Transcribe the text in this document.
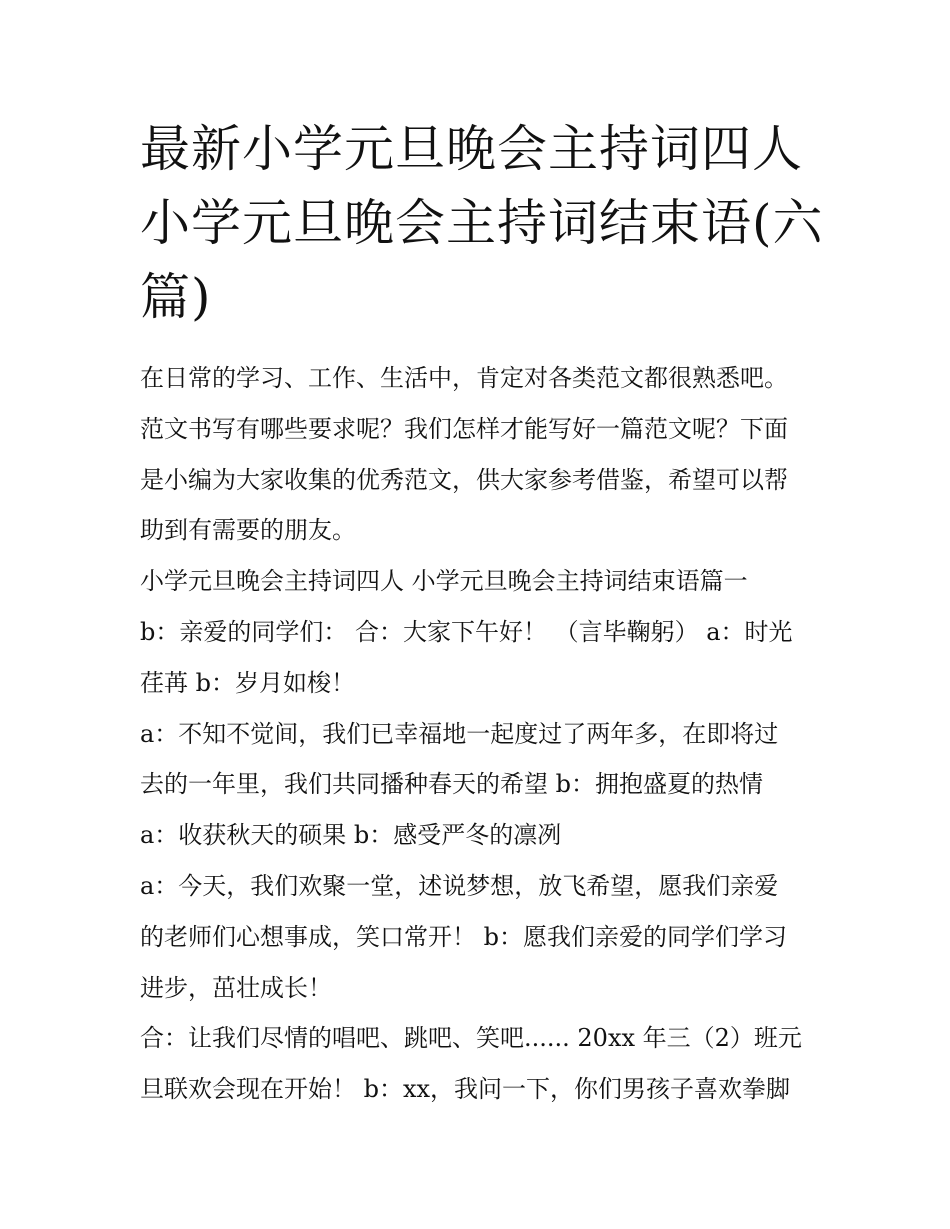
最新小学元旦晚会主持词四人
小学元旦晚会主持词结束语(六
篇)
在日常的学习、工作、生活中，肯定对各类范文都很熟悉吧。
范文书写有哪些要求呢？我们怎样才能写好一篇范文呢？下面
是小编为大家收集的优秀范文，供大家参考借鉴，希望可以帮
助到有需要的朋友。
小学元旦晚会主持词四人 小学元旦晚会主持词结束语篇一
b：亲爱的同学们： 合：大家下午好！ （言毕鞠躬） a：时光
荏苒 b：岁月如梭！
a：不知不觉间，我们已幸福地一起度过了两年多，在即将过
去的一年里，我们共同播种春天的希望 b：拥抱盛夏的热情
a：收获秋天的硕果 b：感受严冬的凛冽
a：今天，我们欢聚一堂，述说梦想，放飞希望，愿我们亲爱
的老师们心想事成，笑口常开！ b：愿我们亲爱的同学们学习
进步，茁壮成长！
合：让我们尽情的唱吧、跳吧、笑吧...... 20xx 年三（2）班元
旦联欢会现在开始！ b：xx，我问一下，你们男孩子喜欢拳脚
